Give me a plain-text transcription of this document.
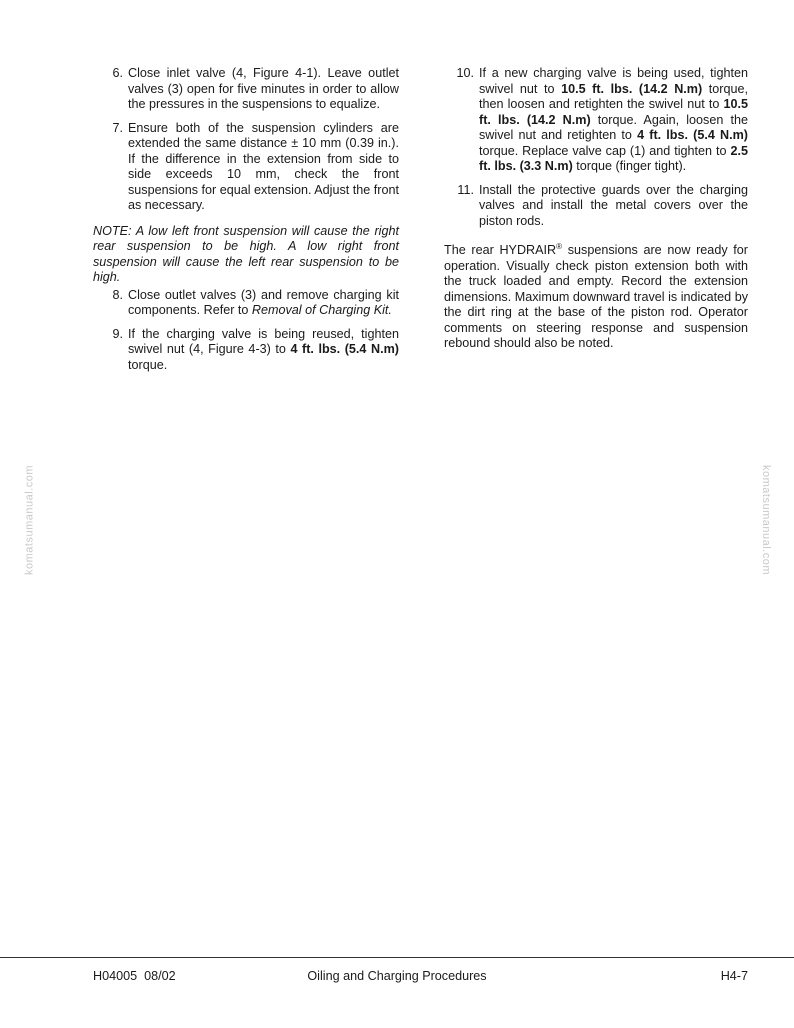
6. Close inlet valve (4, Figure 4-1). Leave outlet valves (3) open for five minutes in order to allow the pressures in the suspensions to equalize.
7. Ensure both of the suspension cylinders are extended the same distance ± 10 mm (0.39 in.). If the difference in the extension from side to side exceeds 10 mm, check the front suspensions for equal extension. Adjust the front as necessary.
NOTE: A low left front suspension will cause the right rear suspension to be high. A low right front suspension will cause the left rear suspension to be high.
8. Close outlet valves (3) and remove charging kit components. Refer to Removal of Charging Kit.
9. If the charging valve is being reused, tighten swivel nut (4, Figure 4-3) to 4 ft. lbs. (5.4 N.m) torque.
10. If a new charging valve is being used, tighten swivel nut to 10.5 ft. lbs. (14.2 N.m) torque, then loosen and retighten the swivel nut to 10.5 ft. lbs. (14.2 N.m) torque. Again, loosen the swivel nut and retighten to 4 ft. lbs. (5.4 N.m) torque. Replace valve cap (1) and tighten to 2.5 ft. lbs. (3.3 N.m) torque (finger tight).
11. Install the protective guards over the charging valves and install the metal covers over the piston rods.
The rear HYDRAIR® suspensions are now ready for operation. Visually check piston extension both with the truck loaded and empty. Record the extension dimensions. Maximum downward travel is indicated by the dirt ring at the base of the piston rod. Operator comments on steering response and suspension rebound should also be noted.
komatsumanual.com	komatsumanual.com
H04005  08/02	Oiling and Charging Procedures	H4-7
